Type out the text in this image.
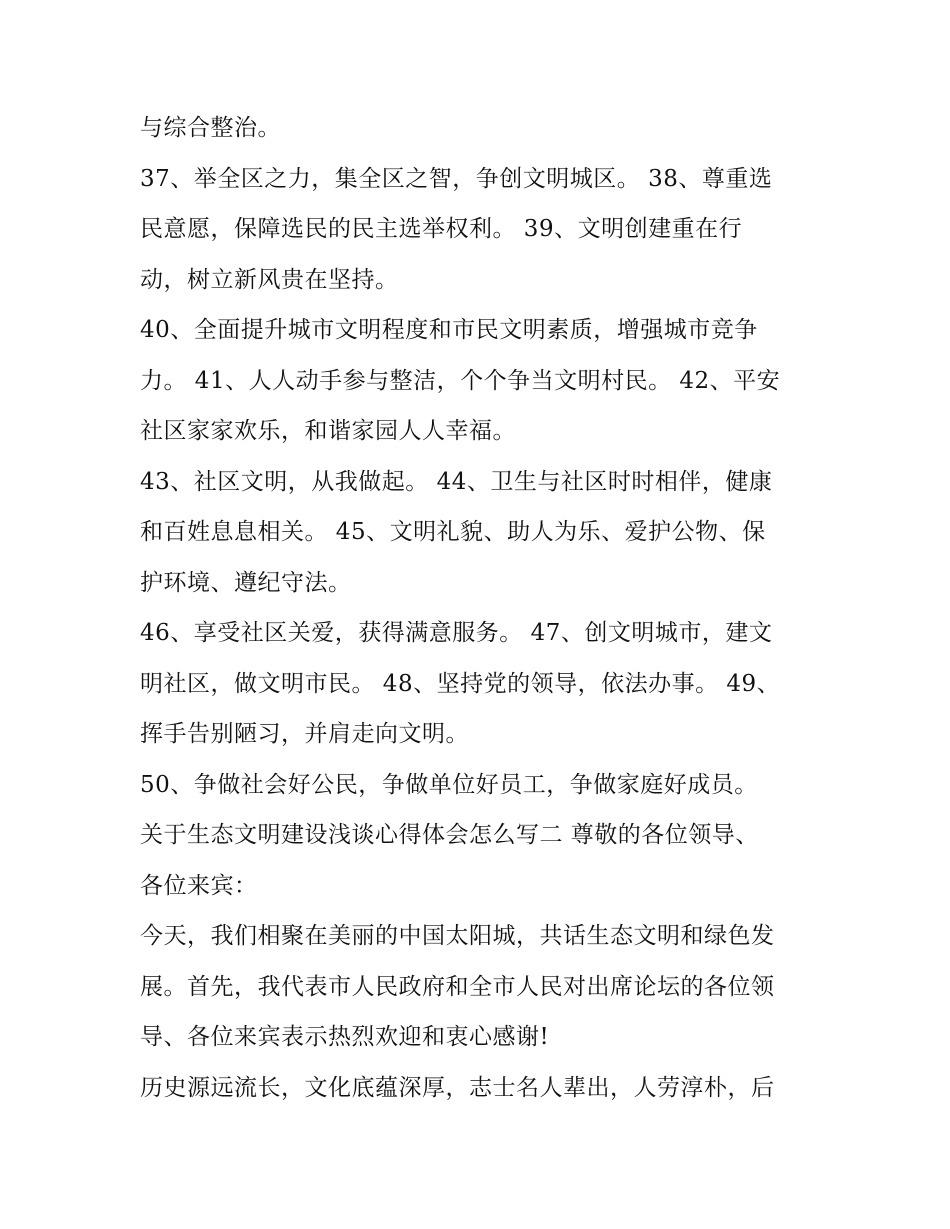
与综合整治。
37、举全区之力，集全区之智，争创文明城区。 38、尊重选
民意愿，保障选民的民主选举权利。 39、文明创建重在行
动，树立新风贵在坚持。
40、全面提升城市文明程度和市民文明素质，增强城市竞争
力。 41、人人动手参与整洁，个个争当文明村民。 42、平安
社区家家欢乐，和谐家园人人幸福。
43、社区文明，从我做起。 44、卫生与社区时时相伴，健康
和百姓息息相关。 45、文明礼貌、助人为乐、爱护公物、保
护环境、遵纪守法。
46、享受社区关爱，获得满意服务。 47、创文明城市，建文
明社区，做文明市民。 48、坚持党的领导，依法办事。 49、
挥手告别陋习，并肩走向文明。
50、争做社会好公民，争做单位好员工，争做家庭好成员。
关于生态文明建设浅谈心得体会怎么写二 尊敬的各位领导、
各位来宾：
今天，我们相聚在美丽的中国太阳城，共话生态文明和绿色发
展。首先，我代表市人民政府和全市人民对出席论坛的各位领
导、各位来宾表示热烈欢迎和衷心感谢!
历史源远流长，文化底蕴深厚，志士名人辈出，人劳淳朴，后
